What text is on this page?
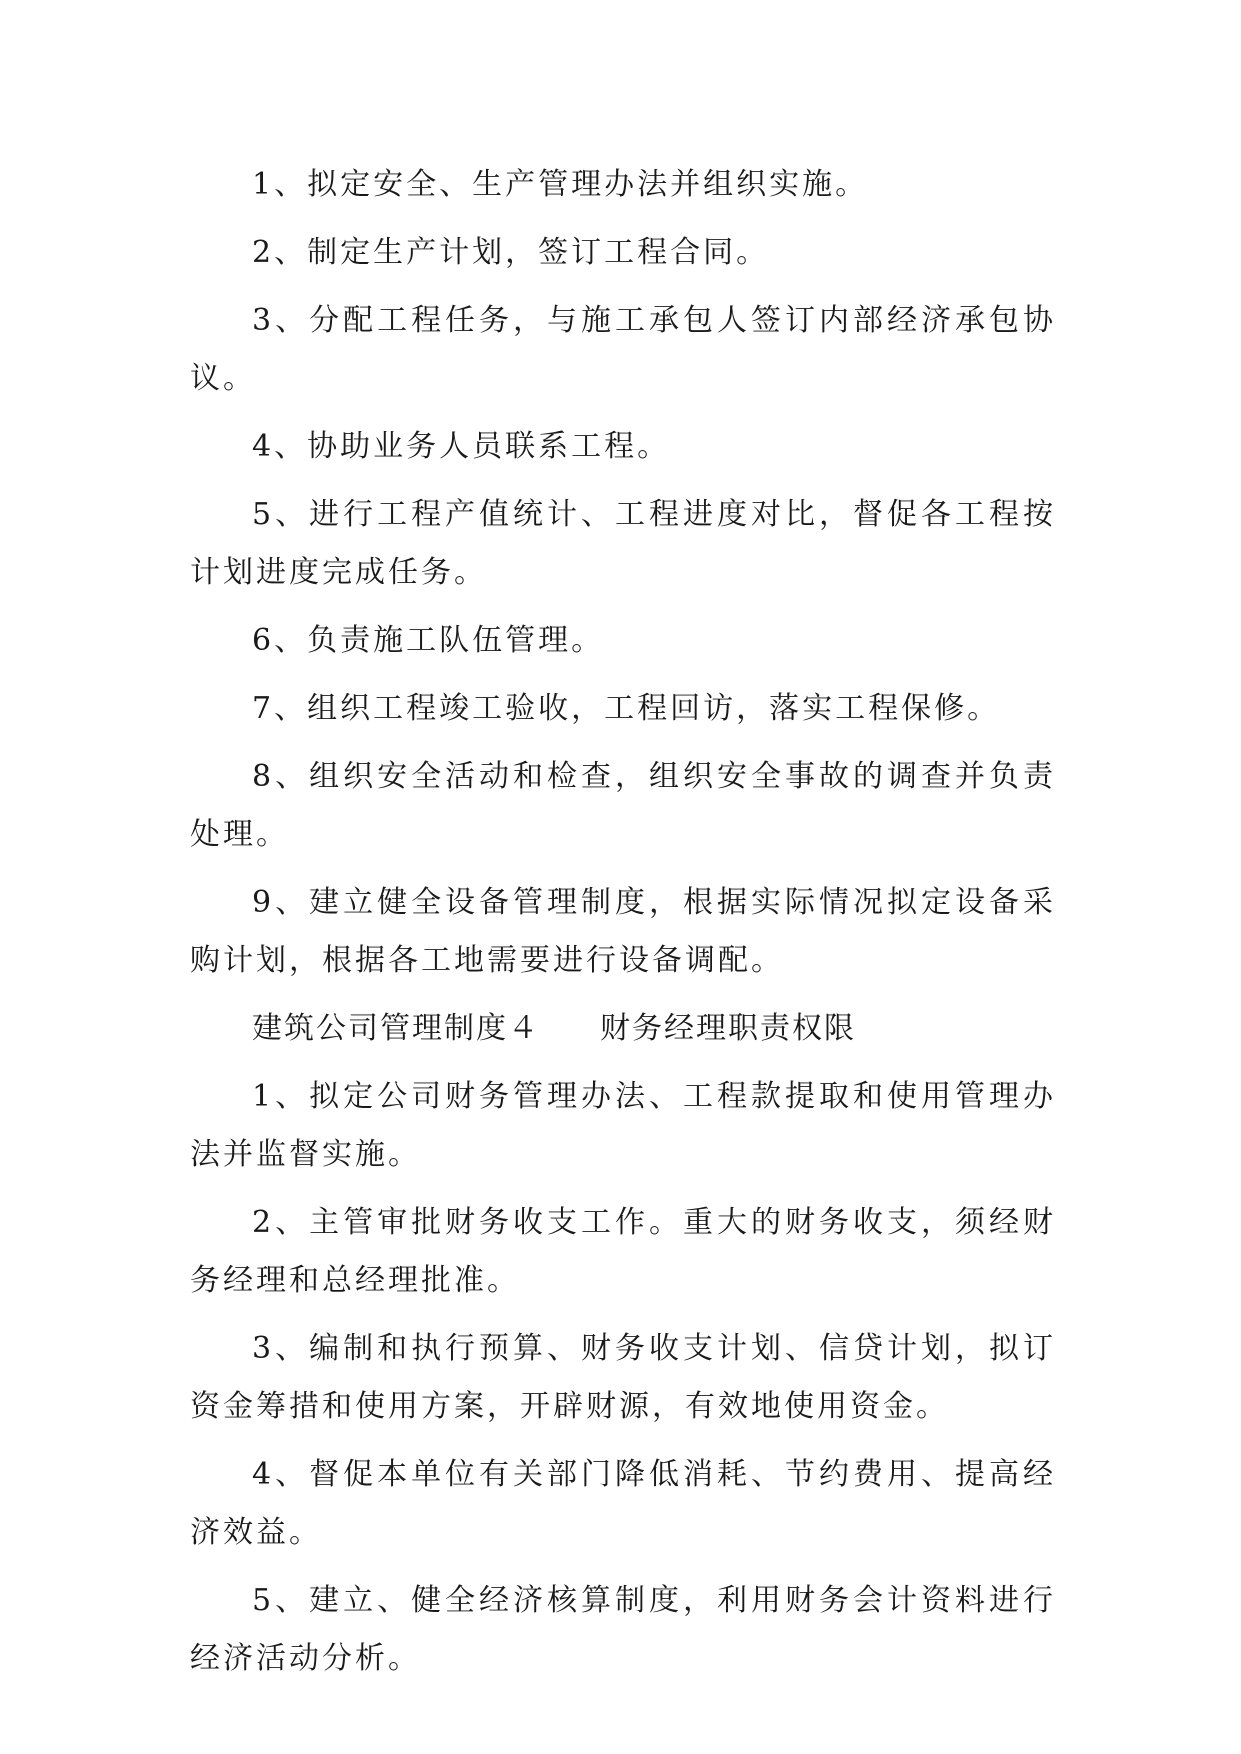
1、拟定安全、生产管理办法并组织实施。

2、制定生产计划，签订工程合同。

3、分配工程任务，与施工承包人签订内部经济承包协议。

4、协助业务人员联系工程。

5、进行工程产值统计、工程进度对比，督促各工程按计划进度完成任务。

6、负责施工队伍管理。

7、组织工程竣工验收，工程回访，落实工程保修。

8、组织安全活动和检查，组织安全事故的调查并负责处理。

9、建立健全设备管理制度，根据实际情况拟定设备采购计划，根据各工地需要进行设备调配。

建筑公司管理制度４ 财务经理职责权限

1、拟定公司财务管理办法、工程款提取和使用管理办法并监督实施。

2、主管审批财务收支工作。重大的财务收支，须经财务经理和总经理批准。

3、编制和执行预算、财务收支计划、信贷计划，拟订资金筹措和使用方案，开辟财源，有效地使用资金。

4、督促本单位有关部门降低消耗、节约费用、提高经济效益。

5、建立、健全经济核算制度，利用财务会计资料进行经济活动分析。
